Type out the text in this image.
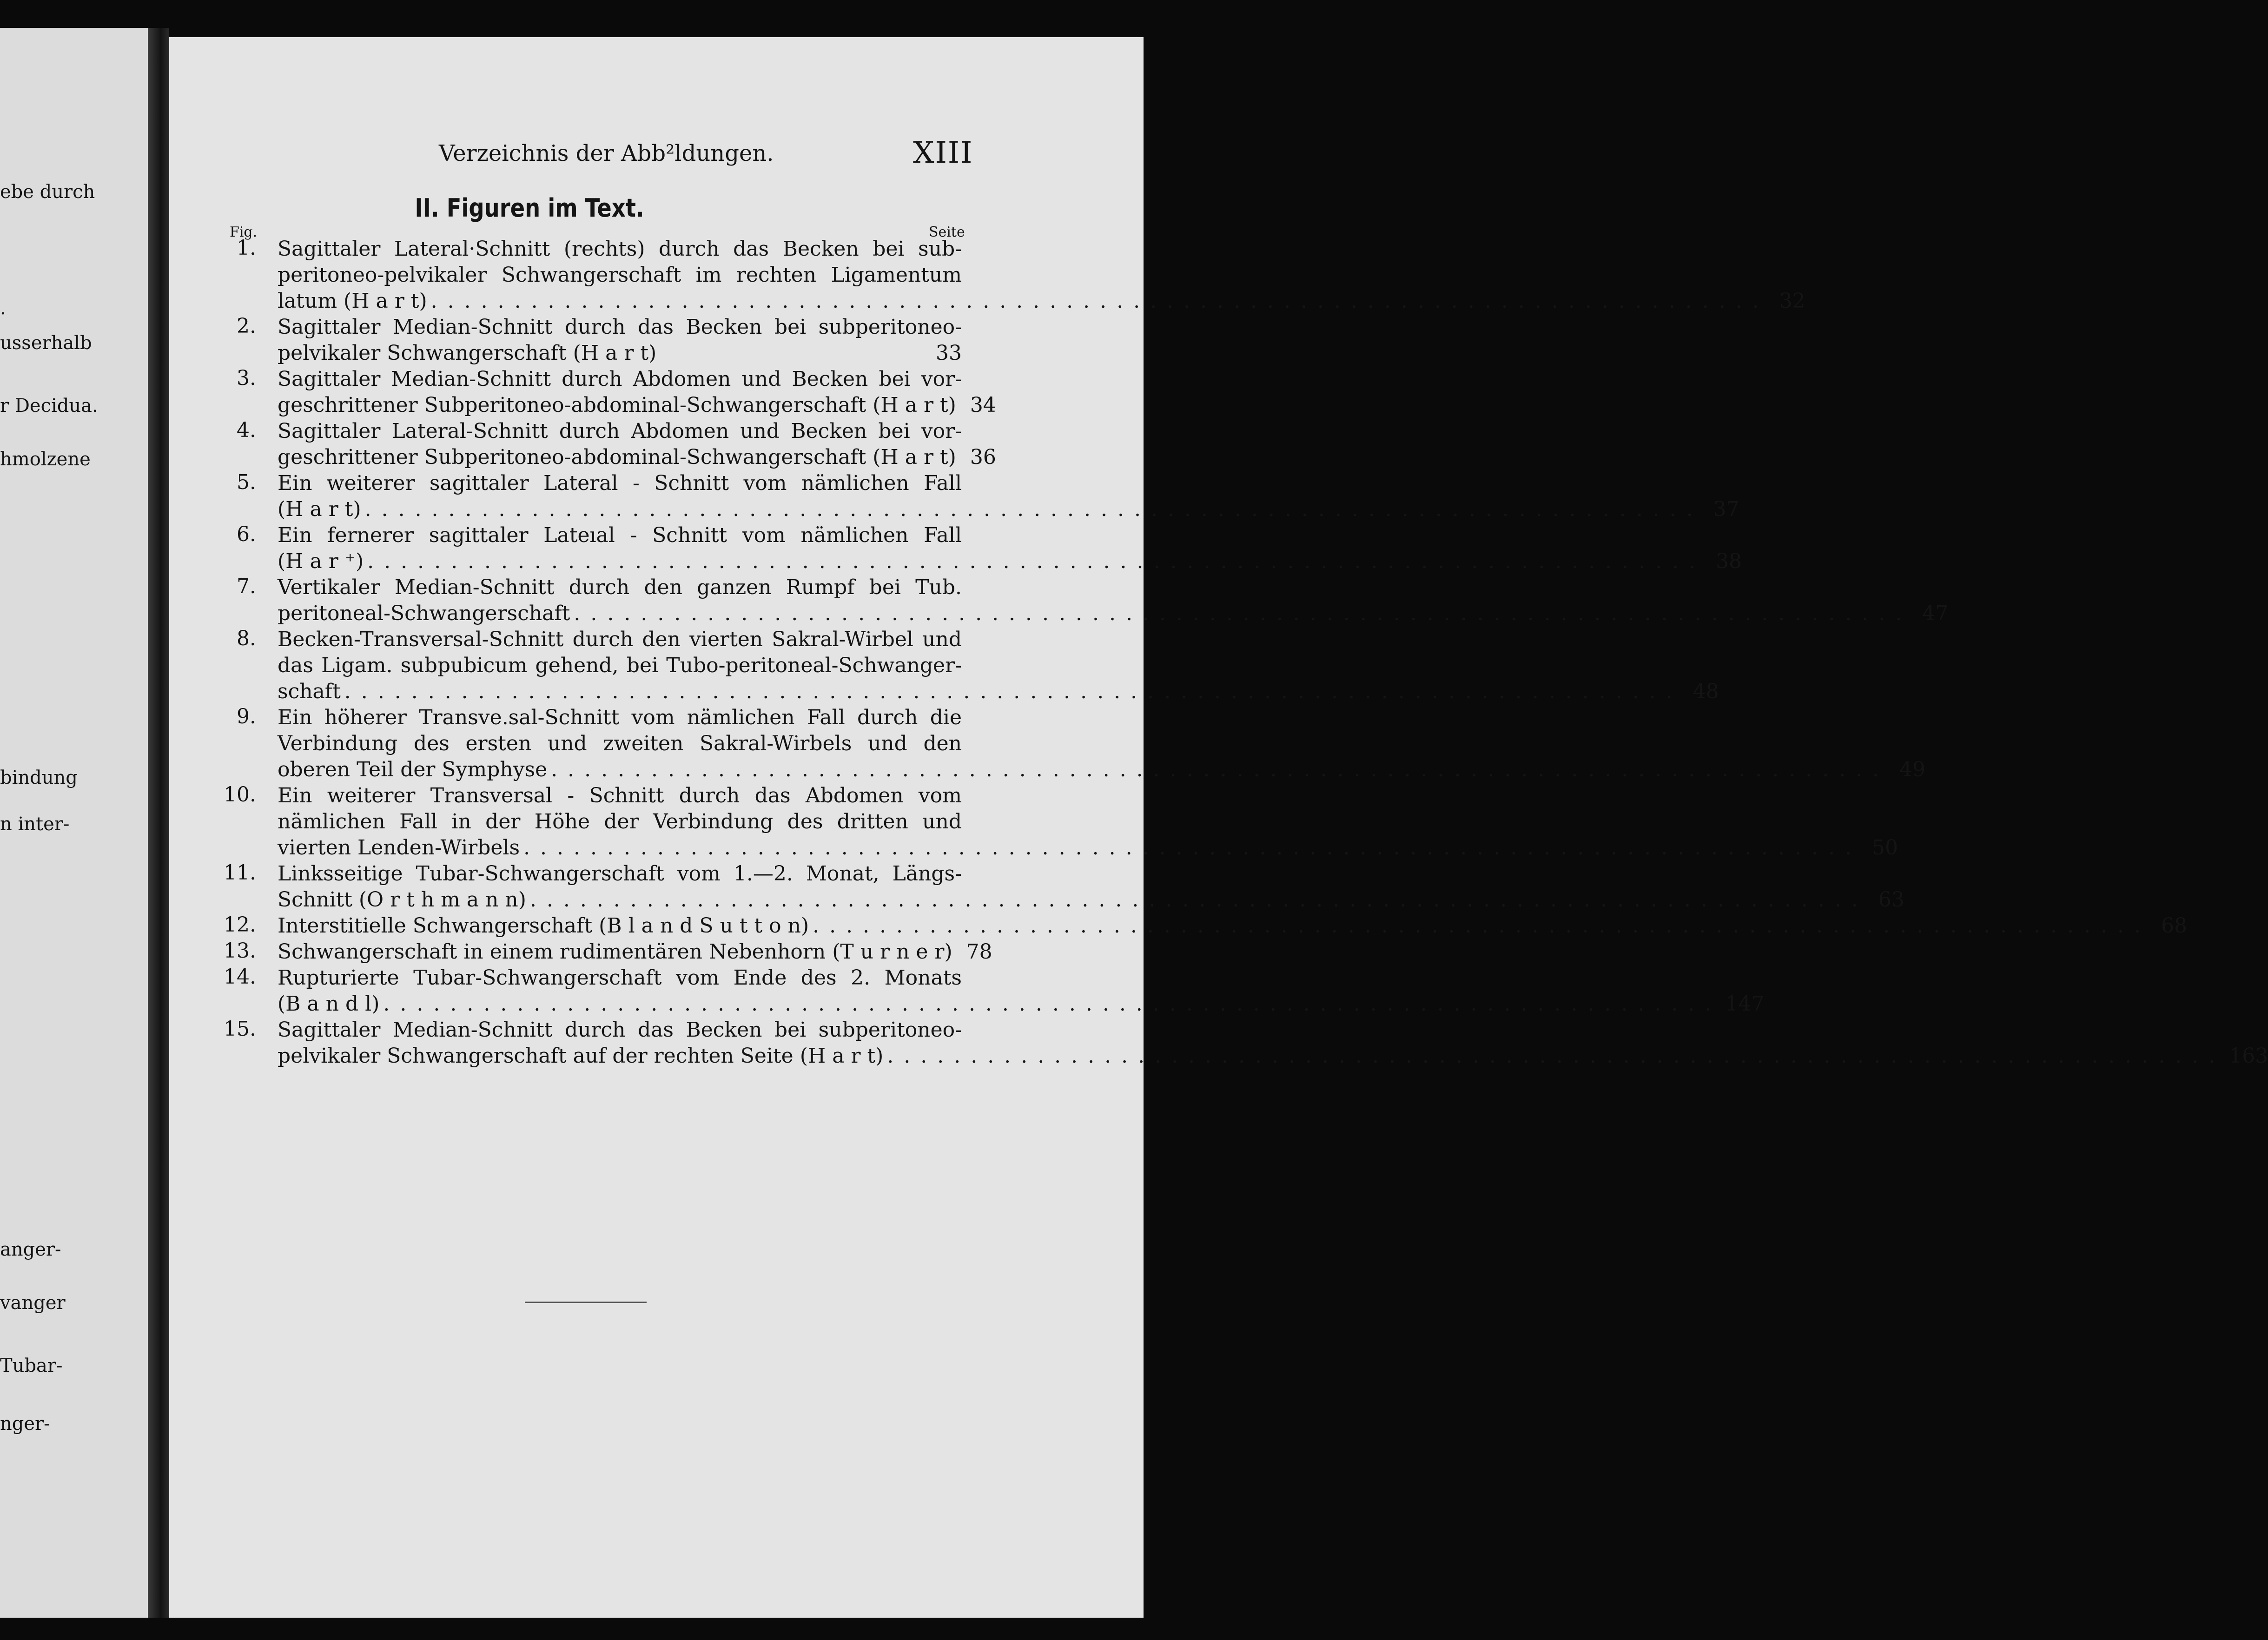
ebe durch
.
usserhalb
r Decidua.
hmolzene
bindung
n inter-
anger-
vanger
Tubar-
nger-
Verzeichnis der Abb²ldungen.	XIII
II. Figuren im Text.
Fig.	Seite
1.	Sagittaler Lateral·Schnitt (rechts) durch das Becken bei sub-
peritoneo-pelvikaler Schwangerschaft im rechten Ligamentum
latum (H a r t) ................................................................................ 32
2.	Sagittaler Median-Schnitt durch das Becken bei subperitoneo-
pelvikaler Schwangerschaft (H a r t)	33
3.	Sagittaler Median-Schnitt durch Abdomen und Becken bei vor-
geschrittener Subperitoneo-abdominal-Schwangerschaft (H a r t) 34
4.	Sagittaler Lateral-Schnitt durch Abdomen und Becken bei vor-
geschrittener Subperitoneo-abdominal-Schwangerschaft (H a r t) 36
5.	Ein weiterer sagittaler Lateral - Schnitt vom nämlichen Fall
(H a r t) ................................................................................ 37
6.	Ein fernerer sagittaler Lateıal - Schnitt vom nämlichen Fall
(H a r ⁺) ................................................................................ 38
7.	Vertikaler Median-Schnitt durch den ganzen Rumpf bei Tub.
peritoneal-Schwangerschaft ................................................................................ 47
8.	Becken-Transversal-Schnitt durch den vierten Sakral-Wirbel und
das Ligam. subpubicum gehend, bei Tubo-peritoneal-Schwanger-
schaft ................................................................................ 48
9.	Ein höherer Transve.sal-Schnitt vom nämlichen Fall durch die
Verbindung des ersten und zweiten Sakral-Wirbels und den
oberen Teil der Symphyse ................................................................................ 49
10.	Ein weiterer Transversal - Schnitt durch das Abdomen vom
nämlichen Fall in der Höhe der Verbindung des dritten und
vierten Lenden-Wirbels ................................................................................ 50
11.	Linksseitige Tubar-Schwangerschaft vom 1.—2. Monat, Längs-
Schnitt (O r t h m a n n) ................................................................................ 63
12. Interstitielle Schwangerschaft (B l a n d S u t t o n) ................................................................................ 68
13. Schwangerschaft in einem rudimentären Nebenhorn (T u r n e r) 78
14.	Rupturierte Tubar-Schwangerschaft vom Ende des 2. Monats
(B a n d l) ................................................................................ 147
15.	Sagittaler Median-Schnitt durch das Becken bei subperitoneo-
pelvikaler Schwangerschaft auf der rechten Seite (H a r t) ................................................................................ 163
